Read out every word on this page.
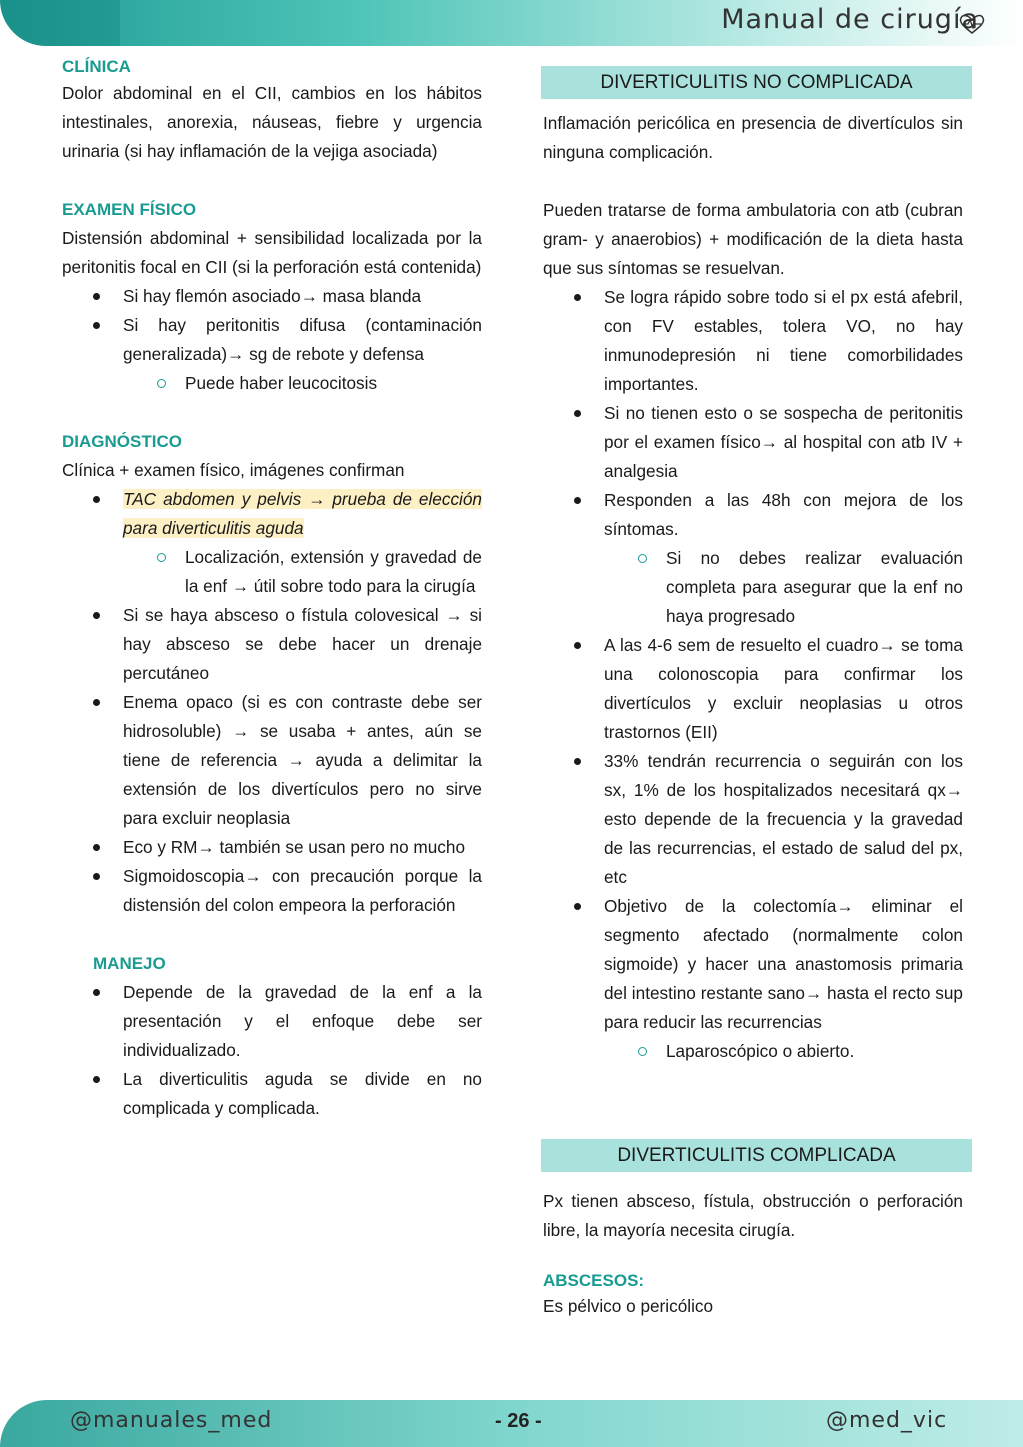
Manual de cirugía
CLÍNICA

Dolor abdominal en el CII, cambios en los hábitos intestinales, anorexia, náuseas, fiebre y urgencia urinaria (si hay inflamación de la vejiga asociada)

EXAMEN FÍSICO

Distensión abdominal + sensibilidad localizada por la peritonitis focal en CII (si la perforación está contenida)

Si hay flemón asociado→ masa blanda

Si hay peritonitis difusa (contaminación generalizada)→ sg de rebote y defensa

Puede haber leucocitosis

DIAGNÓSTICO

Clínica + examen físico, imágenes confirman

TAC abdomen y pelvis → prueba de elección para diverticulitis aguda

Localización, extensión y gravedad de la enf → útil sobre todo para la cirugía

Si se haya absceso o fístula colovesical → si hay absceso se debe hacer un drenaje percutáneo

Enema opaco (si es con contraste debe ser hidrosoluble) → se usaba + antes, aún se tiene de referencia → ayuda a delimitar la extensión de los divertículos pero no sirve para excluir neoplasia

Eco y RM→ también se usan pero no mucho

Sigmoidoscopia→ con precaución porque la distensión del colon empeora la perforación

MANEJO

Depende de la gravedad de la enf a la presentación y el enfoque debe ser individualizado.

La diverticulitis aguda se divide en no complicada y complicada.

DIVERTICULITIS NO COMPLICADA

Inflamación pericólica en presencia de divertículos sin ninguna complicación.

Pueden tratarse de forma ambulatoria con atb (cubran gram- y anaerobios) + modificación de la dieta hasta que sus síntomas se resuelvan.

Se logra rápido sobre todo si el px está afebril, con FV estables, tolera VO, no hay inmunodepresión ni tiene comorbilidades importantes.

Si no tienen esto o se sospecha de peritonitis por el examen físico→ al hospital con atb IV + analgesia

Responden a las 48h con mejora de los síntomas.

Si no debes realizar evaluación completa para asegurar que la enf no haya progresado

A las 4-6 sem de resuelto el cuadro→ se toma una colonoscopia para confirmar los divertículos y excluir neoplasias u otros trastornos (EII)

33% tendrán recurrencia o seguirán con los sx, 1% de los hospitalizados necesitará qx→ esto depende de la frecuencia y la gravedad de las recurrencias, el estado de salud del px, etc

Objetivo de la colectomía→ eliminar el segmento afectado (normalmente colon sigmoide) y hacer una anastomosis primaria del intestino restante sano→ hasta el recto sup para reducir las recurrencias

Laparoscópico o abierto.

DIVERTICULITIS COMPLICADA

Px tienen absceso, fístula, obstrucción o perforación libre, la mayoría necesita cirugía.

ABSCESOS:

Es pélvico o pericólico

@manuales_med	- 26 -	@med_vic
